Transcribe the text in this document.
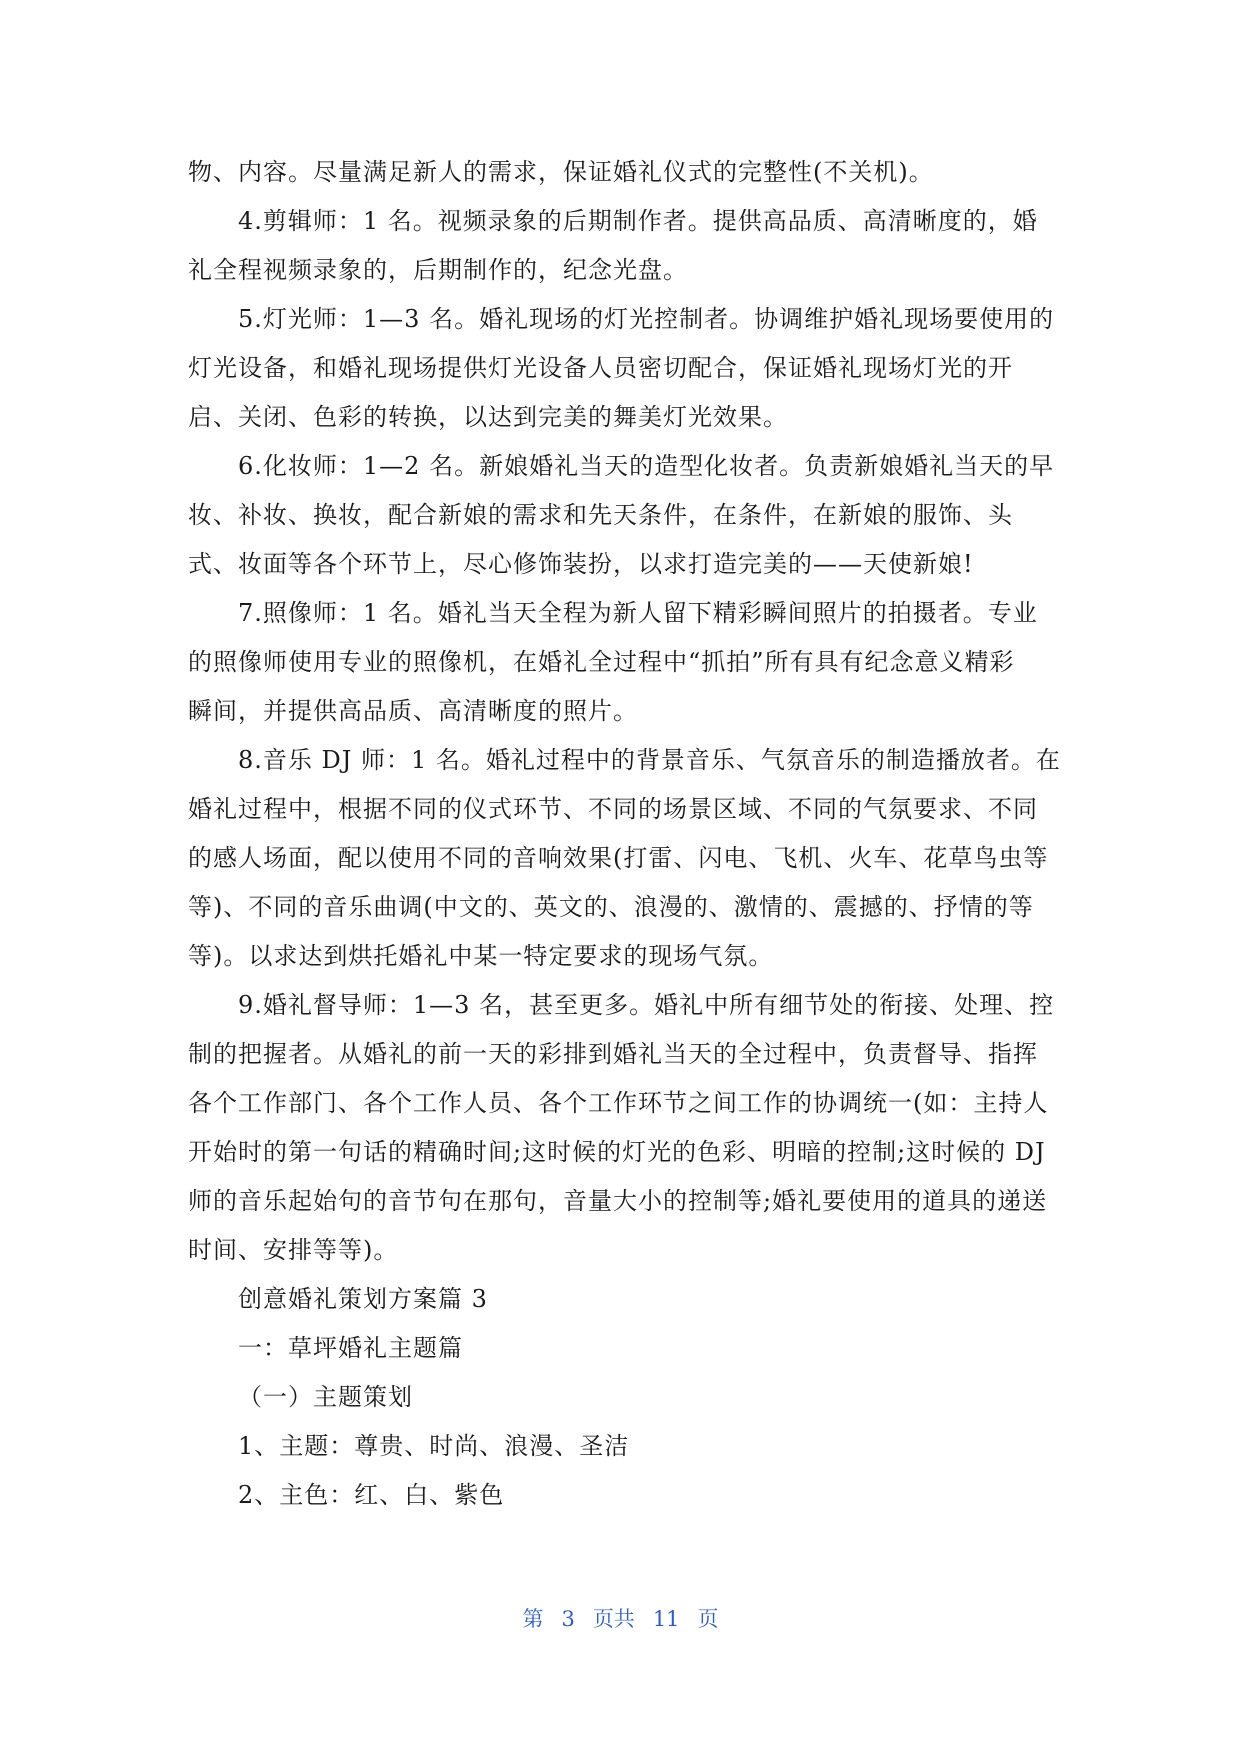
物、内容。尽量满足新人的需求，保证婚礼仪式的完整性(不关机)。
4.剪辑师：1 名。视频录象的后期制作者。提供高品质、高清晰度的，婚
礼全程视频录象的，后期制作的，纪念光盘。
5.灯光师：1—3 名。婚礼现场的灯光控制者。协调维护婚礼现场要使用的
灯光设备，和婚礼现场提供灯光设备人员密切配合，保证婚礼现场灯光的开
启、关闭、色彩的转换，以达到完美的舞美灯光效果。
6.化妆师：1—2 名。新娘婚礼当天的造型化妆者。负责新娘婚礼当天的早
妆、补妆、换妆，配合新娘的需求和先天条件，在条件，在新娘的服饰、头
式、妆面等各个环节上，尽心修饰装扮，以求打造完美的——天使新娘!
7.照像师：1 名。婚礼当天全程为新人留下精彩瞬间照片的拍摄者。专业
的照像师使用专业的照像机，在婚礼全过程中“抓拍”所有具有纪念意义精彩
瞬间，并提供高品质、高清晰度的照片。
8.音乐 DJ 师：1 名。婚礼过程中的背景音乐、气氛音乐的制造播放者。在
婚礼过程中，根据不同的仪式环节、不同的场景区域、不同的气氛要求、不同
的感人场面，配以使用不同的音响效果(打雷、闪电、飞机、火车、花草鸟虫等
等)、不同的音乐曲调(中文的、英文的、浪漫的、激情的、震撼的、抒情的等
等)。以求达到烘托婚礼中某一特定要求的现场气氛。
9.婚礼督导师：1—3 名，甚至更多。婚礼中所有细节处的衔接、处理、控
制的把握者。从婚礼的前一天的彩排到婚礼当天的全过程中，负责督导、指挥
各个工作部门、各个工作人员、各个工作环节之间工作的协调统一(如：主持人
开始时的第一句话的精确时间;这时候的灯光的色彩、明暗的控制;这时候的 DJ
师的音乐起始句的音节句在那句，音量大小的控制等;婚礼要使用的道具的递送
时间、安排等等)。
创意婚礼策划方案篇 3
一：草坪婚礼主题篇
（一）主题策划
1、主题：尊贵、时尚、浪漫、圣洁
2、主色：红、白、紫色
第 3 页共 11 页
